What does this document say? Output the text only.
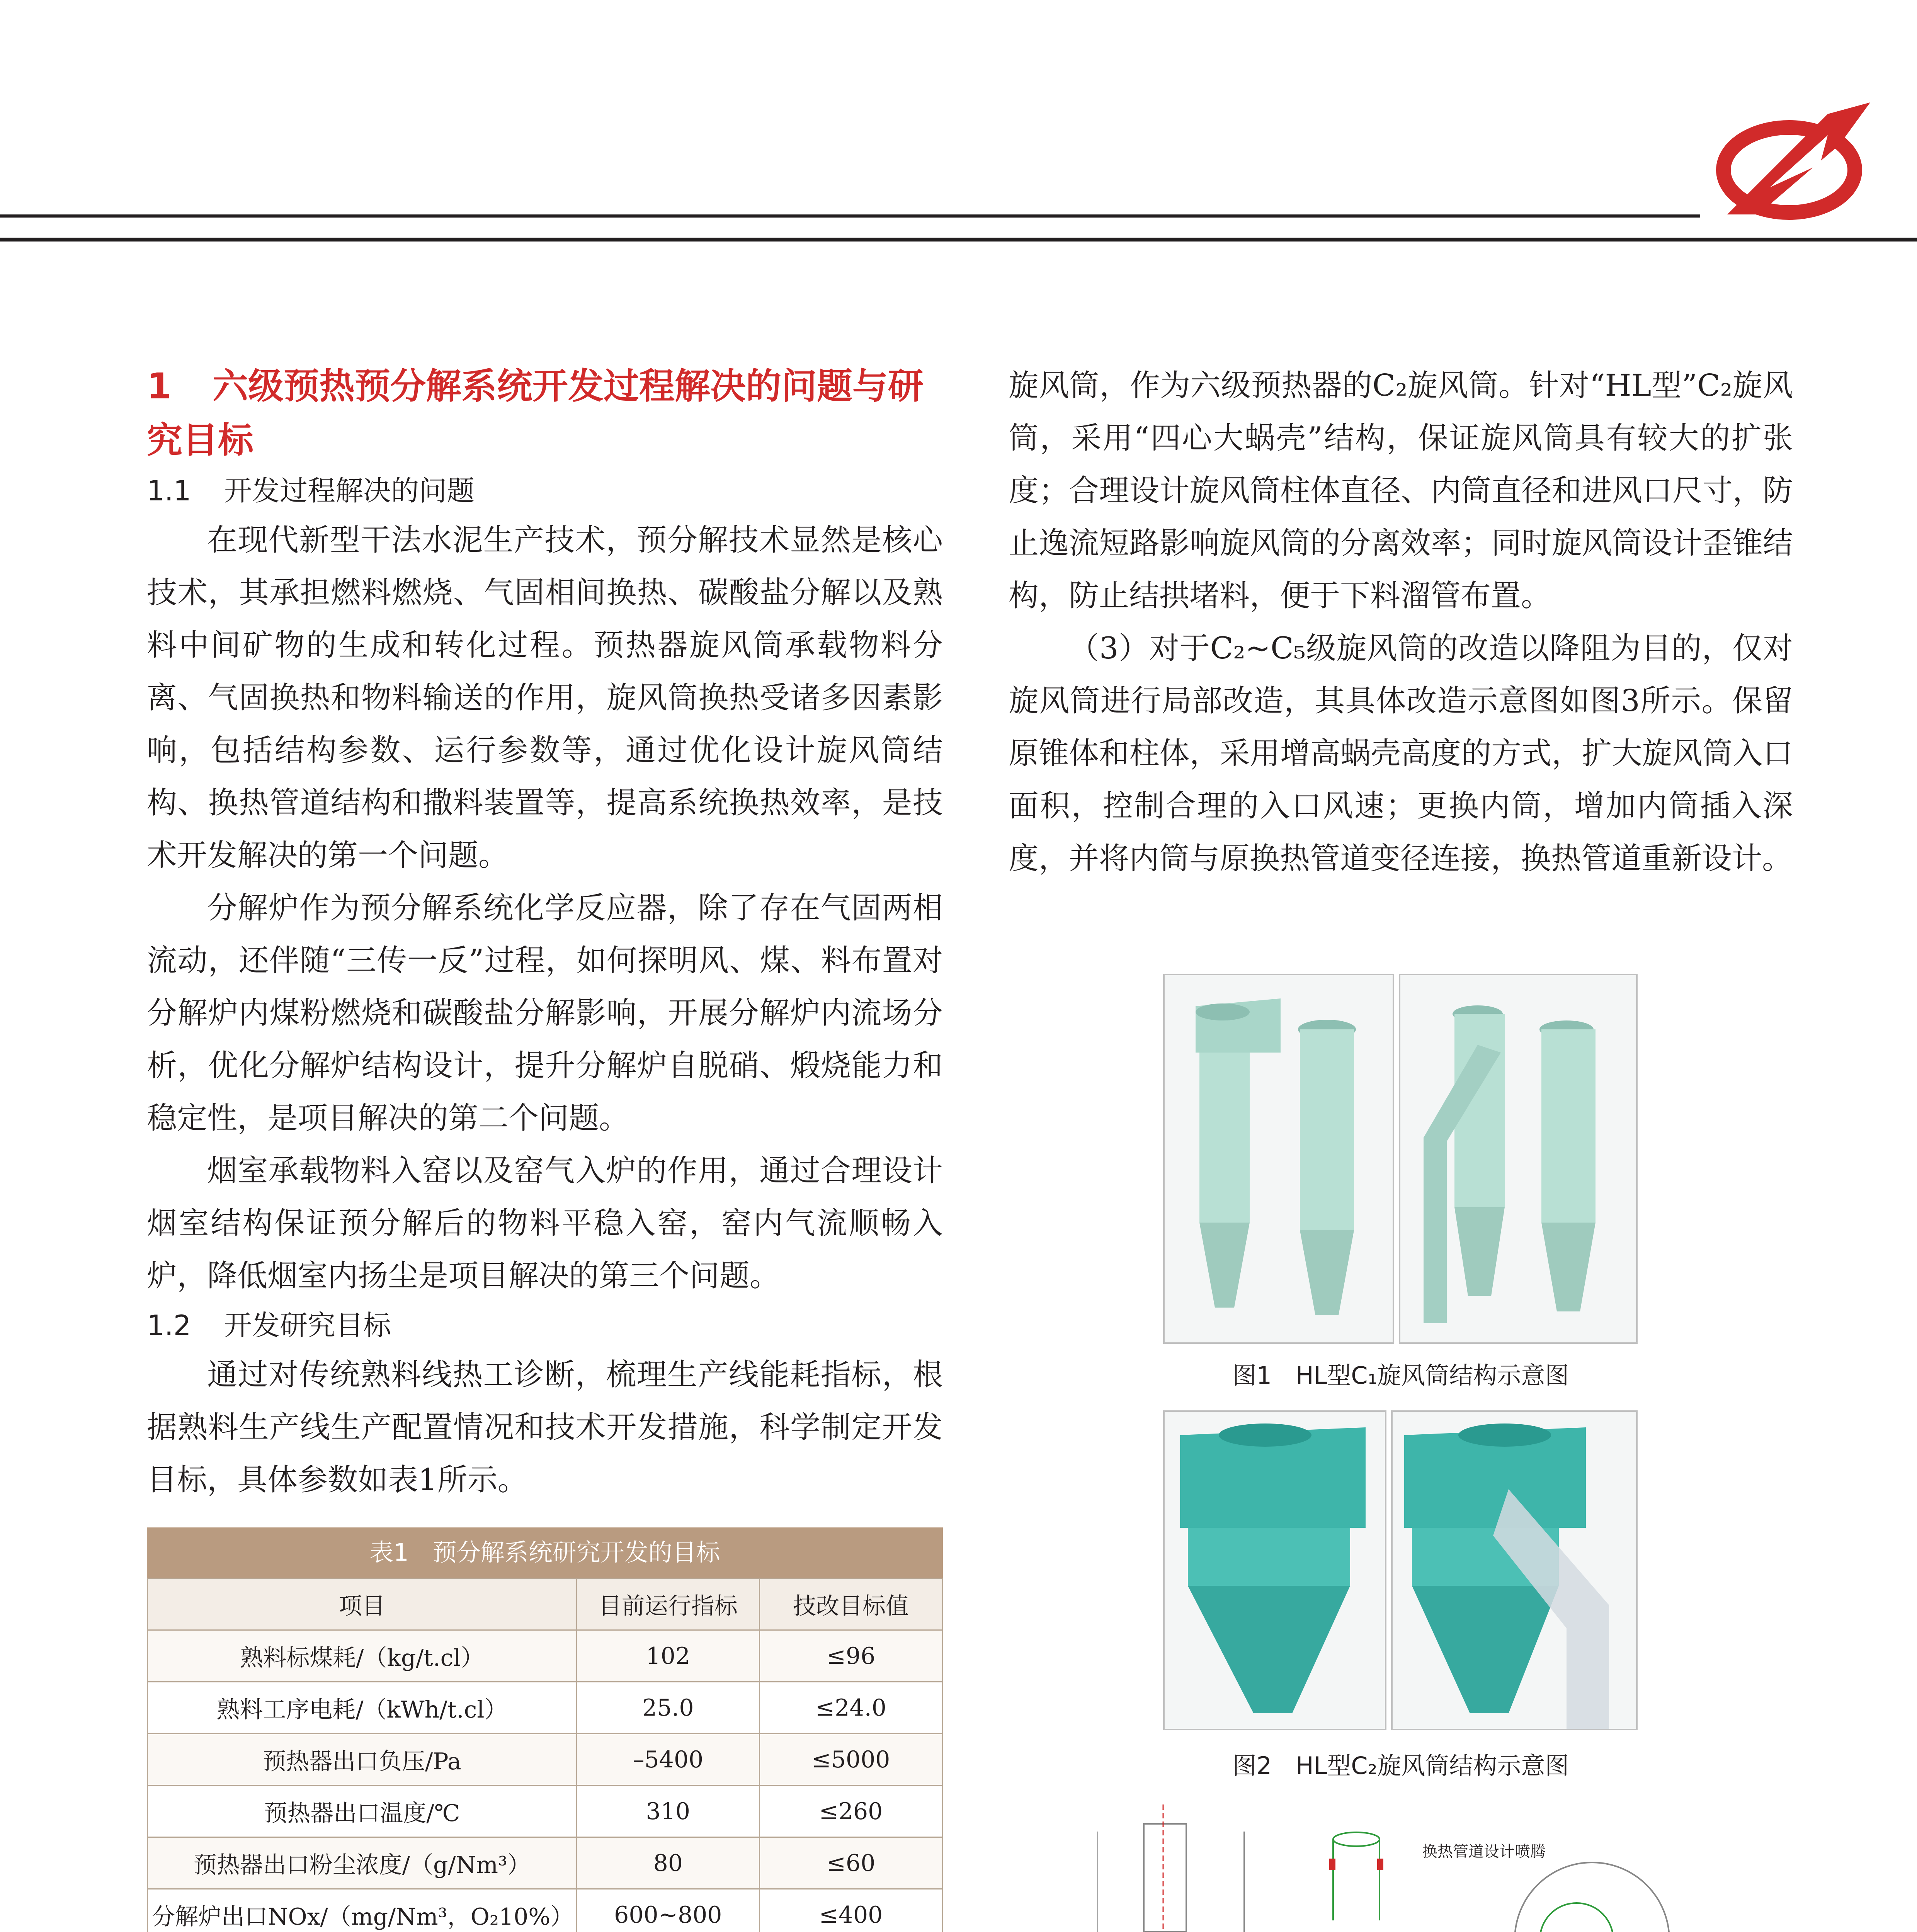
1 六级预热预分解系统开发过程解决的问题与研究目标

1.1 开发过程解决的问题

在现代新型干法水泥生产技术，预分解技术显然是核心技术，其承担燃料燃烧、气固相间换热、碳酸盐分解以及熟料中间矿物的生成和转化过程。预热器旋风筒承载物料分离、气固换热和物料输送的作用，旋风筒换热受诸多因素影响，包括结构参数、运行参数等，通过优化设计旋风筒结构、换热管道结构和撒料装置等，提高系统换热效率，是技术开发解决的第一个问题。

分解炉作为预分解系统化学反应器，除了存在气固两相流动，还伴随“三传一反”过程，如何探明风、煤、料布置对分解炉内煤粉燃烧和碳酸盐分解影响，开展分解炉内流场分析，优化分解炉结构设计，提升分解炉自脱硝、煅烧能力和稳定性，是项目解决的第二个问题。

烟室承载物料入窑以及窑气入炉的作用，通过合理设计烟室结构保证预分解后的物料平稳入窑，窑内气流顺畅入炉，降低烟室内扬尘是项目解决的第三个问题。

1.2 开发研究目标

通过对传统熟料线热工诊断，梳理生产线能耗指标，根据熟料生产线生产配置情况和技术开发措施，科学制定开发目标，具体参数如表1所示。

表1　预分解系统研究开发的目标
项目	目前运行指标	技改目标值
熟料标煤耗/（kg/t.cl）	102	≤96
熟料工序电耗/（kWh/t.cl）	25.0	≤24.0
预热器出口负压/Pa	–5400	≤5000
预热器出口温度/℃	310	≤260
预热器出口粉尘浓度/（g/Nm³）	80	≤60
分解炉出口NOx/（mg/Nm³，O₂10%）	600~800	≤400

旋风筒，作为六级预热器的C₂旋风筒。针对“HL型”C₂旋风筒，采用“四心大蜗壳”结构，保证旋风筒具有较大的扩张度；合理设计旋风筒柱体直径、内筒直径和进风口尺寸，防止逸流短路影响旋风筒的分离效率；同时旋风筒设计歪锥结构，防止结拱堵料，便于下料溜管布置。

（3）对于C₂~C₅级旋风筒的改造以降阻为目的，仅对旋风筒进行局部改造，其具体改造示意图如图3所示。保留原锥体和柱体，采用增高蜗壳高度的方式，扩大旋风筒入口面积，控制合理的入口风速；更换内筒，增加内筒插入深度，并将内筒与原换热管道变径连接，换热管道重新设计。

图1　HL型C₁旋风筒结构示意图
图2　HL型C₂旋风筒结构示意图
换热管道设计喷腾
